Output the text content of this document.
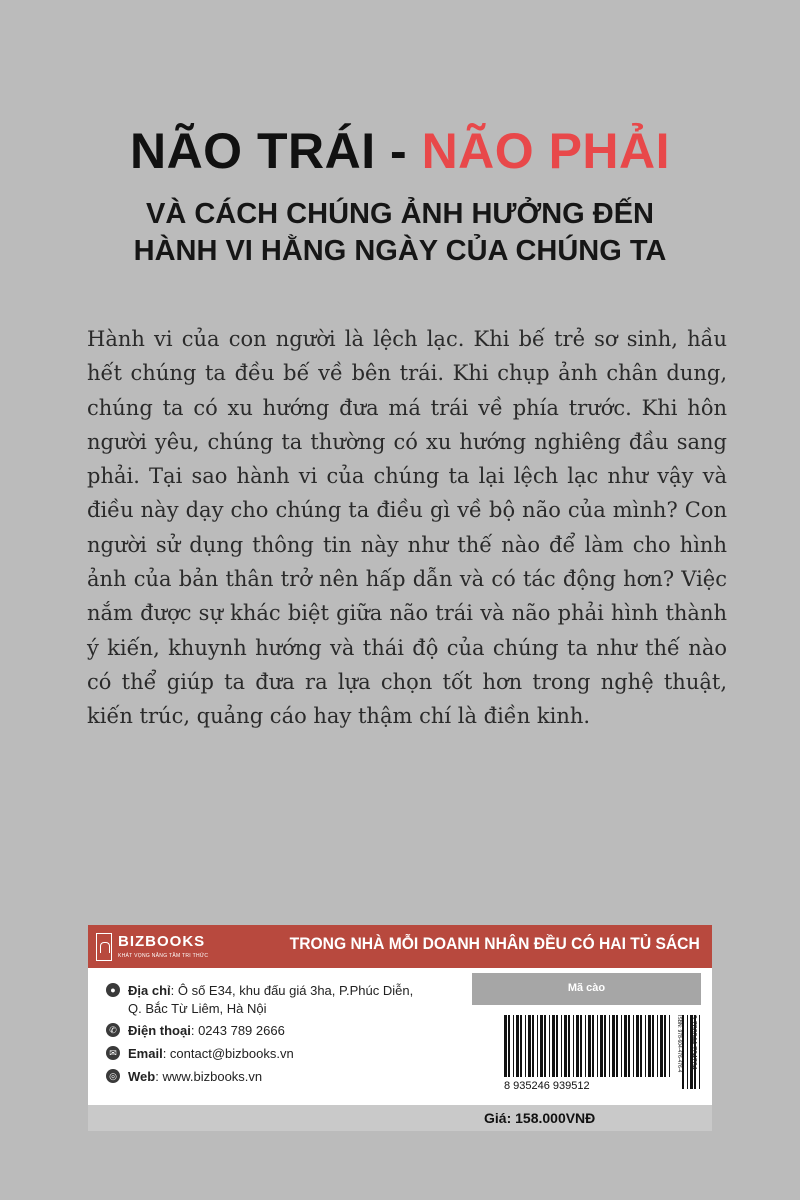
NÃO TRÁI - NÃO PHẢI
VÀ CÁCH CHÚNG ẢNH HƯỞNG ĐẾN
HÀNH VI HẰNG NGÀY CỦA CHÚNG TA
Hành vi của con người là lệch lạc. Khi bế trẻ sơ sinh, hầu hết chúng ta đều bế về bên trái. Khi chụp ảnh chân dung, chúng ta có xu hướng đưa má trái về phía trước. Khi hôn người yêu, chúng ta thường có xu hướng nghiêng đầu sang phải. Tại sao hành vi của chúng ta lại lệch lạc như vậy và điều này dạy cho chúng ta điều gì về bộ não của mình? Con người sử dụng thông tin này như thế nào để làm cho hình ảnh của bản thân trở nên hấp dẫn và có tác động hơn? Việc nắm được sự khác biệt giữa não trái và não phải hình thành ý kiến, khuynh hướng và thái độ của chúng ta như thế nào có thể giúp ta đưa ra lựa chọn tốt hơn trong nghệ thuật, kiến trúc, quảng cáo hay thậm chí là điền kinh.
BIZBOOKS
KHÁT VỌNG NÂNG TẦM TRI THỨC
TRONG NHÀ MỖI DOANH NHÂN ĐỀU CÓ HAI TỦ SÁCH
● Địa chỉ: Ô số E34, khu đấu giá 3ha, P.Phúc Diễn,
Q. Bắc Từ Liêm, Hà Nội
✆ Điện thoại: 0243 789 2666
✉ Email: contact@bizbooks.vn
◎ Web: www.bizbooks.vn
Mã cào
8 935246 939512
ISBN: 978-604-476-476-4 9 786044 764764
Giá: 158.000VNĐ
